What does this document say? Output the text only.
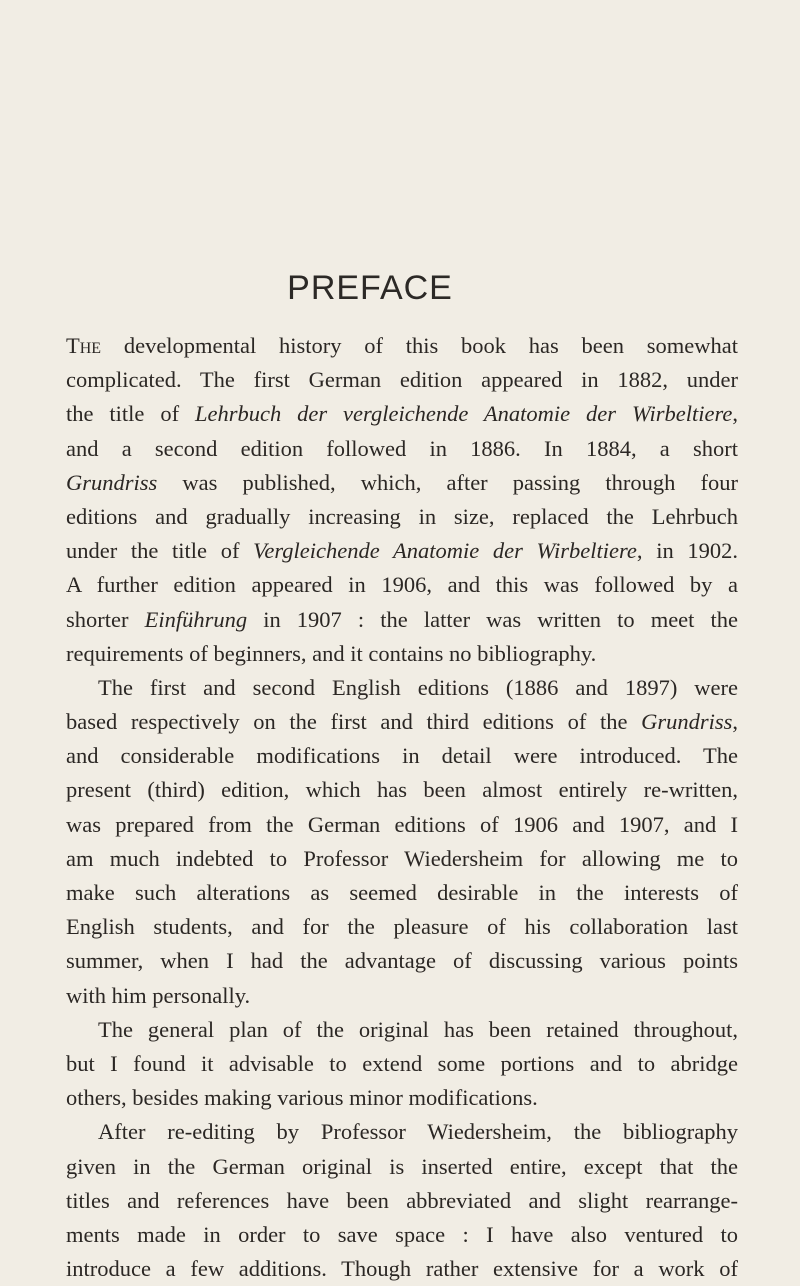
PREFACE
The developmental history of this book has been somewhat
complicated. The first German edition appeared in 1882, under
the title of Lehrbuch der vergleichende Anatomie der Wirbeltiere,
and a second edition followed in 1886. In 1884, a short
Grundriss was published, which, after passing through four
editions and gradually increasing in size, replaced the Lehrbuch
under the title of Vergleichende Anatomie der Wirbeltiere, in 1902.
A further edition appeared in 1906, and this was followed by a
shorter Einführung in 1907 : the latter was written to meet the
requirements of beginners, and it contains no bibliography.
The first and second English editions (1886 and 1897) were
based respectively on the first and third editions of the Grundriss,
and considerable modifications in detail were introduced. The
present (third) edition, which has been almost entirely re-written,
was prepared from the German editions of 1906 and 1907, and I
am much indebted to Professor Wiedersheim for allowing me to
make such alterations as seemed desirable in the interests of
English students, and for the pleasure of his collaboration last
summer, when I had the advantage of discussing various points
with him personally.
The general plan of the original has been retained throughout,
but I found it advisable to extend some portions and to abridge
others, besides making various minor modifications.
After re-editing by Professor Wiedersheim, the bibliography
given in the German original is inserted entire, except that the
titles and references have been abbreviated and slight rearrange-
ments made in order to save space : I have also ventured to
introduce a few additions. Though rather extensive for a work of
